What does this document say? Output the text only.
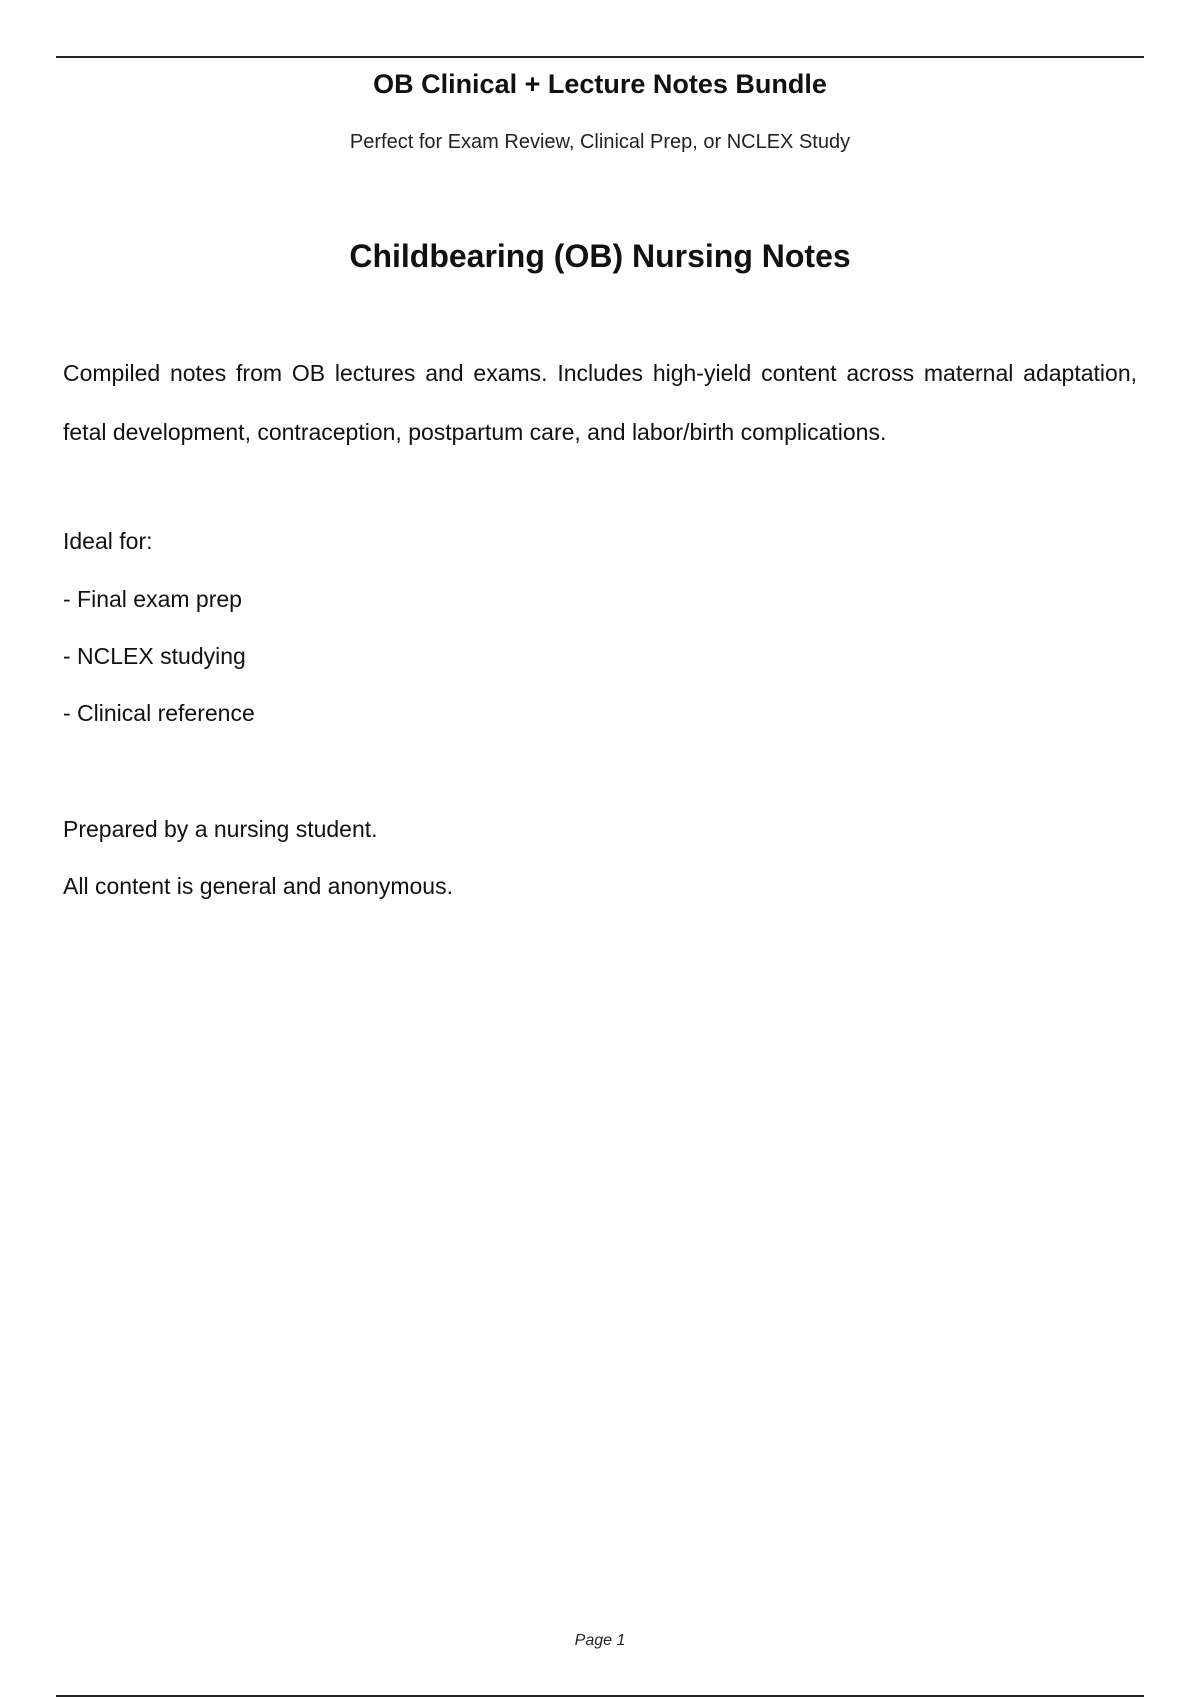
OB Clinical + Lecture Notes Bundle

Perfect for Exam Review, Clinical Prep, or NCLEX Study

Childbearing (OB) Nursing Notes

Compiled notes from OB lectures and exams. Includes high-yield content across maternal adaptation, fetal development, contraception, postpartum care, and labor/birth complications.

Ideal for:

- Final exam prep
- NCLEX studying
- Clinical reference

Prepared by a nursing student.

All content is general and anonymous.

Page 1
